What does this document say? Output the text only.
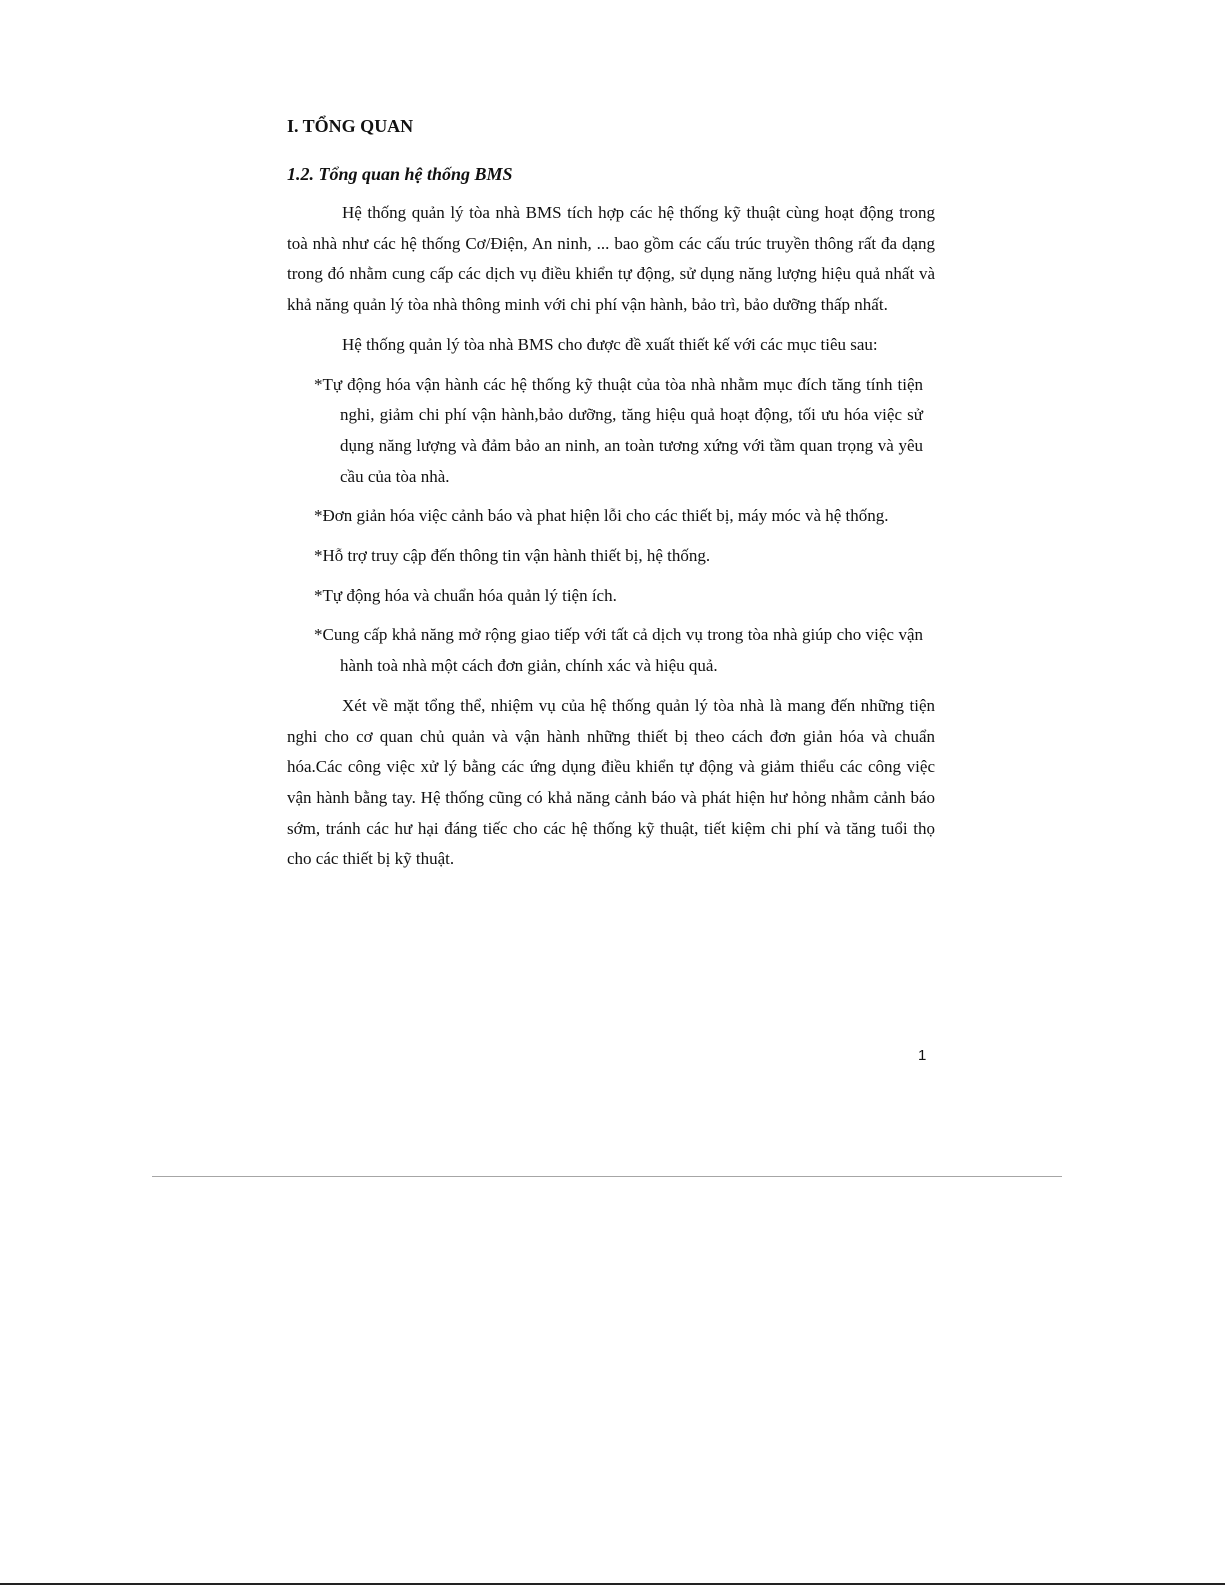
I. TỔNG QUAN
1.2. Tổng quan hệ thống BMS

Hệ thống quản lý tòa nhà BMS tích hợp các hệ thống kỹ thuật cùng hoạt động trong toà nhà như các hệ thống Cơ/Điện, An ninh, ... bao gồm các cấu trúc truyền thông rất đa dạng trong đó nhằm cung cấp các dịch vụ điều khiển tự động, sử dụng năng lượng hiệu quả nhất và khả năng quản lý tòa nhà thông minh với chi phí vận hành, bảo trì, bảo dưỡng thấp nhất.

Hệ thống quản lý tòa nhà BMS cho được đề xuất thiết kế với các mục tiêu sau:

*Tự động hóa vận hành các hệ thống kỹ thuật của tòa nhà nhằm mục đích tăng tính tiện nghi, giảm chi phí vận hành,bảo dưỡng, tăng hiệu quả hoạt động, tối ưu hóa việc sử dụng năng lượng và đảm bảo an ninh, an toàn tương xứng với tầm quan trọng và yêu cầu của tòa nhà.

*Đơn giản hóa việc cảnh báo và phat hiện lỗi cho các thiết bị, máy móc và hệ thống.

*Hỗ trợ truy cập đến thông tin vận hành thiết bị, hệ thống.

*Tự động hóa và chuẩn hóa quản lý tiện ích.

*Cung cấp khả năng mở rộng giao tiếp với tất cả dịch vụ trong tòa nhà giúp cho việc vận hành toà nhà một cách đơn giản, chính xác và hiệu quả.

Xét về mặt tổng thể, nhiệm vụ của hệ thống quản lý tòa nhà là mang đến những tiện nghi cho cơ quan chủ quản và vận hành những thiết bị theo cách đơn giản hóa và chuẩn hóa.Các công việc xử lý bằng các ứng dụng điều khiển tự động và giảm thiểu các công việc vận hành bằng tay. Hệ thống cũng có khả năng cảnh báo và phát hiện hư hỏng nhằm cảnh báo sớm, tránh các hư hại đáng tiếc cho các hệ thống kỹ thuật, tiết kiệm chi phí và tăng tuổi thọ cho các thiết bị kỹ thuật.

1
